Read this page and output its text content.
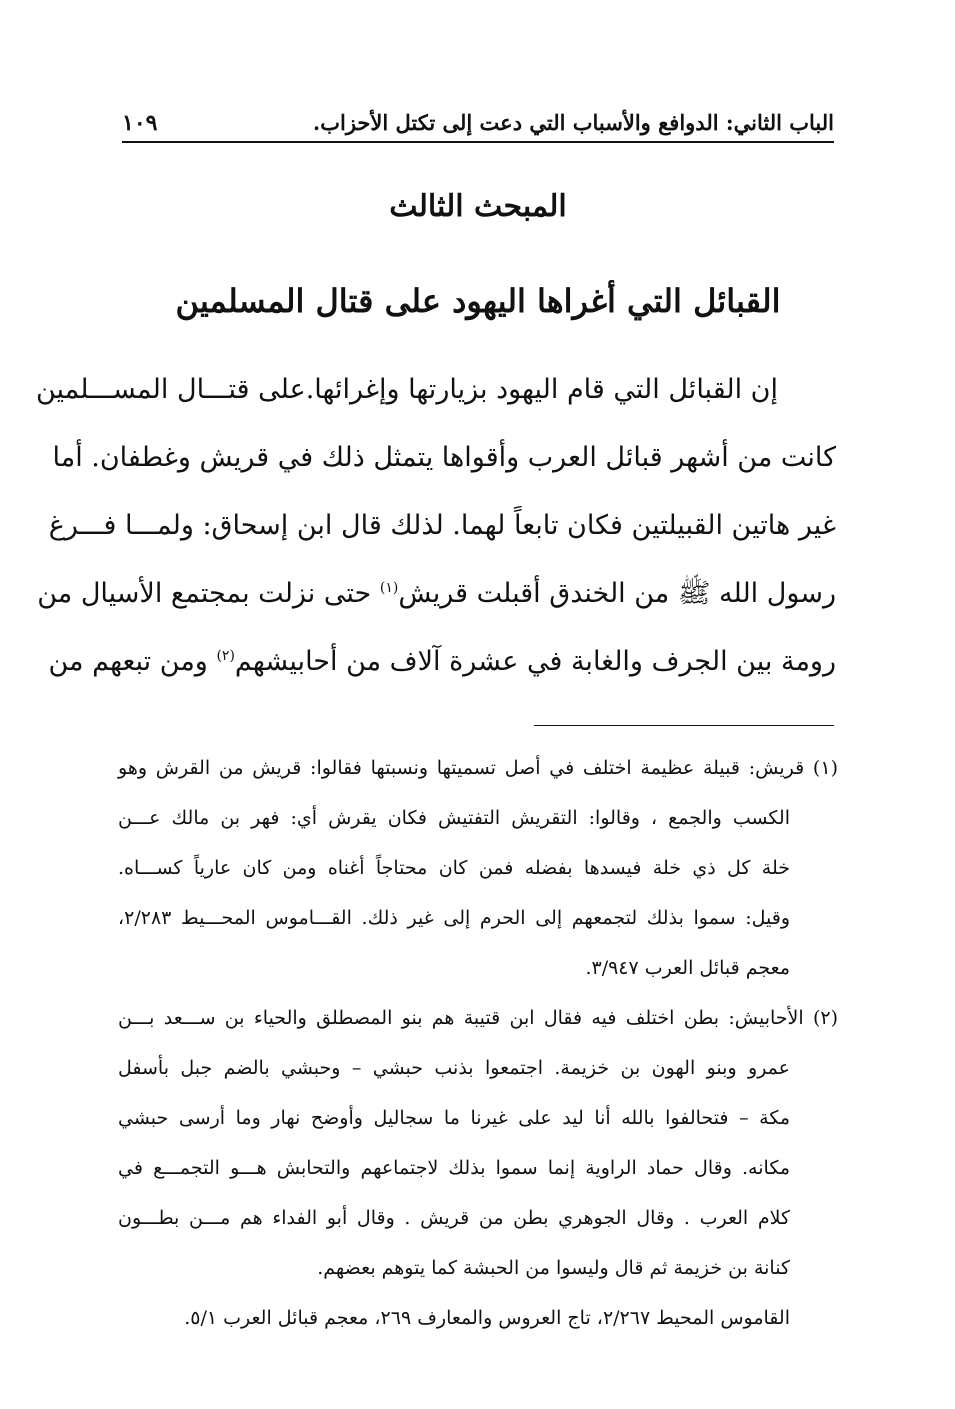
الباب الثاني: الدوافع والأسباب التي دعت إلى تكتل الأحزاب.
١٠٩
المبحث الثالث
القبائل التي أغراها اليهود على قتال المسلمين
إن القبائل التي قام اليهود بزيارتها وإغرائها.على قتـــال المســـلمين
كانت من أشهر قبائل العرب وأقواها يتمثل ذلك في قريش وغطفان. أما
غير هاتين القبيلتين فكان تابعاً لهما. لذلك قال ابن إسحاق: ولمـــا فـــرغ
رسول الله ﷺ من الخندق أقبلت قريش$^{(١)}$ حتى نزلت بمجتمع الأسيال من
رومة بين الجرف والغابة في عشرة آلاف من أحابيشهم$^{(٢)}$ ومن تبعهم من
(١) قريش: قبيلة عظيمة اختلف في أصل تسميتها ونسبتها فقالوا: قريش من القرش وهو
الكسب والجمع ، وقالوا: التقريش التفتيش فكان يقرش أي: فهر بن مالك عـــن
خلة كل ذي خلة فيسدها بفضله فمن كان محتاجاً أغناه ومن كان عارياً كســـاه.
وقيل: سموا بذلك لتجمعهم إلى الحرم إلى غير ذلك. القـــاموس المحـــيط ٢/٢٨٣،
معجم قبائل العرب ٣/٩٤٧.
(٢) الأحابيش: بطن اختلف فيه فقال ابن قتيبة هم بنو المصطلق والحياء بن ســـعد بـــن
عمرو وبنو الهون بن خزيمة. اجتمعوا بذنب حبشي – وحبشي بالضم جبل بأسفل
مكة – فتحالفوا بالله أنا ليد على غيرنا ما سجاليل وأوضح نهار وما أرسى حبشي
مكانه. وقال حماد الراوية إنما سموا بذلك لاجتماعهم والتحابش هـــو التجمـــع في
كلام العرب . وقال الجوهري بطن من قريش . وقال أبو الفداء هم مـــن بطـــون
كنانة بن خزيمة ثم قال وليسوا من الحبشة كما يتوهم بعضهم.
القاموس المحيط ٢/٢٦٧، تاج العروس والمعارف ٢٦٩، معجم قبائل العرب ٥/١.
